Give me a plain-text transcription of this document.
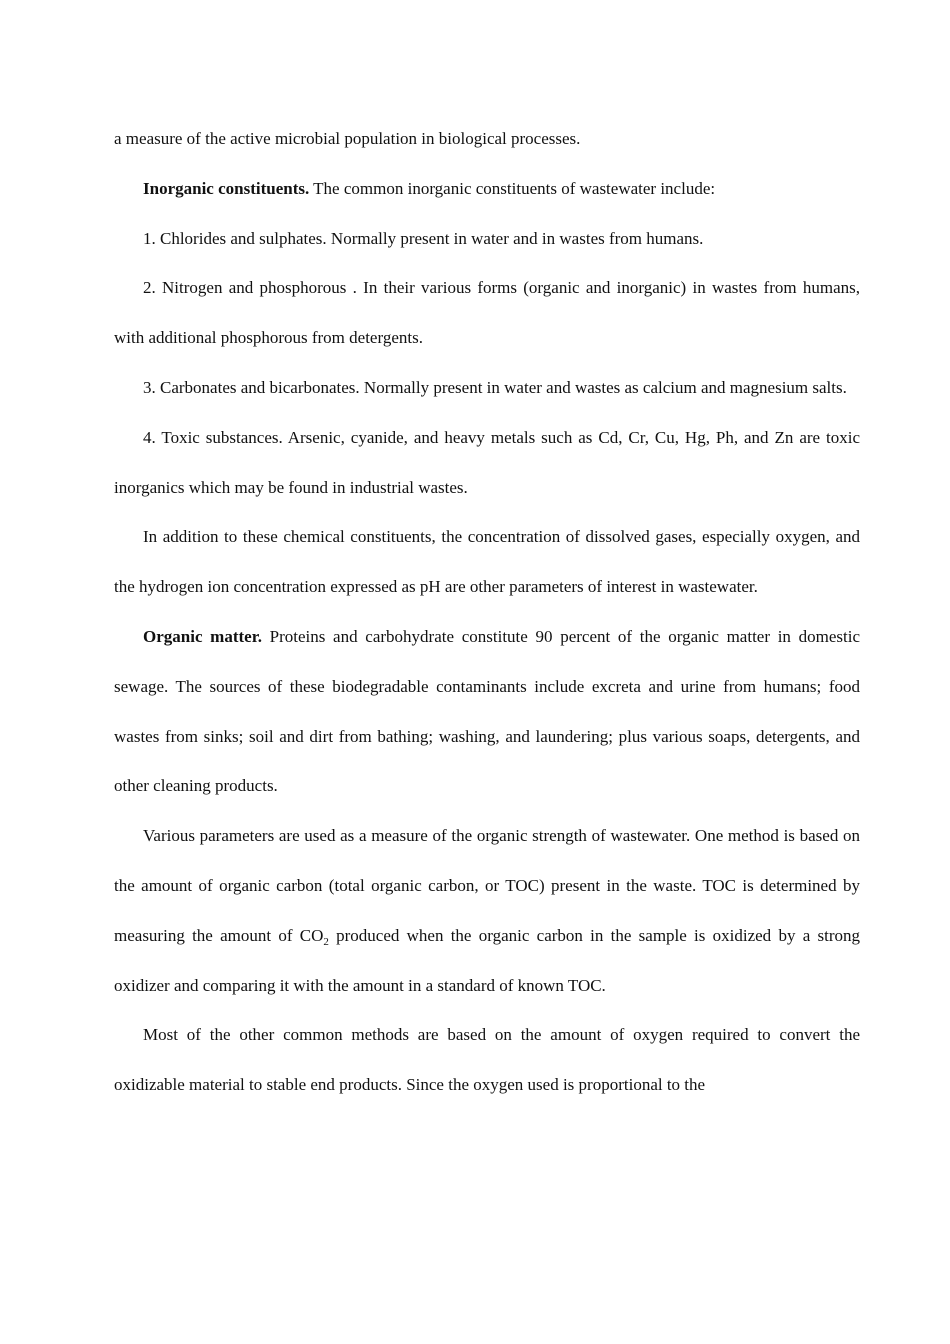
a measure of the active microbial population in biological processes.

Inorganic constituents. The common inorganic constituents of wastewater include:

1. Chlorides and sulphates. Normally present in water and in wastes from humans.

2. Nitrogen and phosphorous . In their various forms (organic and inorganic) in wastes from humans, with additional phosphorous from detergents.

3. Carbonates and bicarbonates. Normally present in water and wastes as calcium and magnesium salts.

4. Toxic substances. Arsenic, cyanide, and heavy metals such as Cd, Cr, Cu, Hg, Ph, and Zn are toxic inorganics which may be found in industrial wastes.

In addition to these chemical constituents, the concentration of dissolved gases, especially oxygen, and the hydrogen ion concentration expressed as pH are other parameters of interest in wastewater.

Organic matter. Proteins and carbohydrate constitute 90 percent of the organic matter in domestic sewage. The sources of these biodegradable contaminants include excreta and urine from humans; food wastes from sinks; soil and dirt from bathing; washing, and laundering; plus various soaps, detergents, and other cleaning products.

Various parameters are used as a measure of the organic strength of wastewater. One method is based on the amount of organic carbon (total organic carbon, or TOC) present in the waste. TOC is determined by measuring the amount of $CO_2$ produced when the organic carbon in the sample is oxidized by a strong oxidizer and comparing it with the amount in a standard of known TOC.

Most of the other common methods are based on the amount of oxygen required to convert the oxidizable material to stable end products. Since the oxygen used is proportional to the
